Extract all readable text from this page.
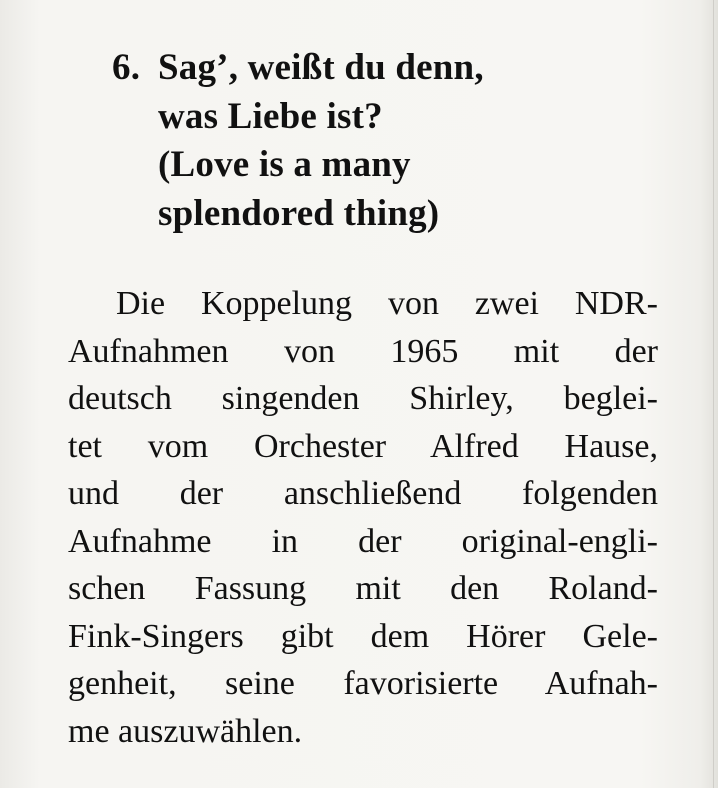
6. Sag’, weißt du denn,
was Liebe ist?
(Love is a many
splendored thing)
Die Koppelung von zwei NDR-
Aufnahmen von 1965 mit der
deutsch singenden Shirley, beglei-
tet vom Orchester Alfred Hause,
und der anschließend folgenden
Aufnahme in der original-engli-
schen Fassung mit den Roland-
Fink-Singers gibt dem Hörer Gele-
genheit, seine favorisierte Aufnah-
me auszuwählen.
